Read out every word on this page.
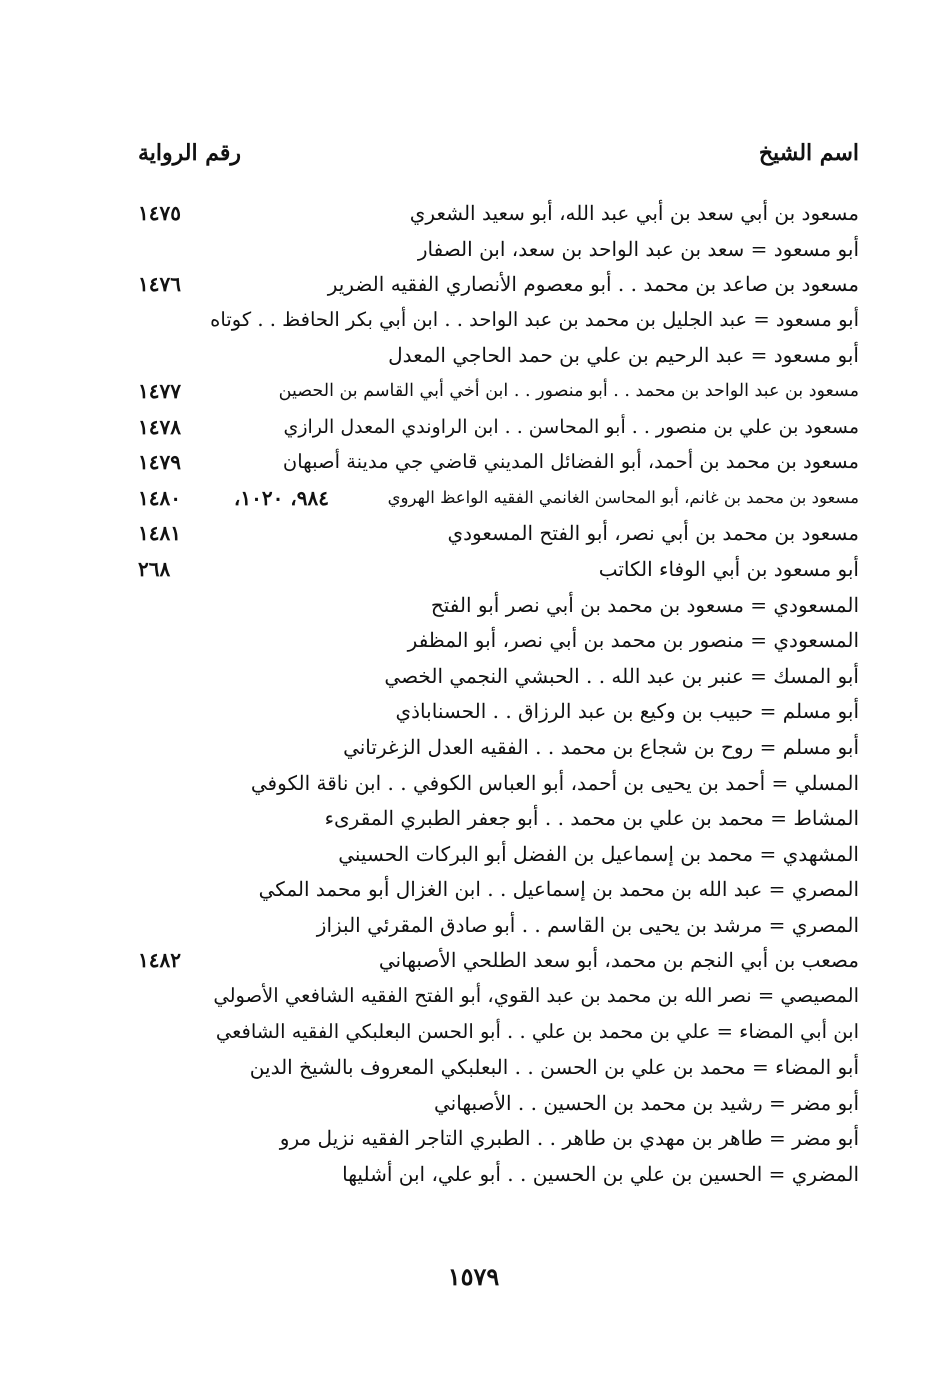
اسم الشيخ
رقم الرواية
مسعود بن أبي سعد بن أبي عبد الله، أبو سعيد الشعري
١٤٧٥
أبو مسعود = سعد بن عبد الواحد بن سعد، ابن الصفار
مسعود بن صاعد بن محمد . . أبو معصوم الأنصاري الفقيه الضرير
١٤٧٦
أبو مسعود = عبد الجليل بن محمد بن عبد الواحد . . ابن أبي بكر الحافظ . . كوتاه
أبو مسعود = عبد الرحيم بن علي بن حمد الحاجي المعدل
مسعود بن عبد الواحد بن محمد . . أبو منصور . . ابن أخي أبي القاسم بن الحصين
١٤٧٧
مسعود بن علي بن منصور . . أبو المحاسن . . ابن الراوندي المعدل الرازي
١٤٧٨
مسعود بن محمد بن أحمد، أبو الفضائل المديني قاضي جي مدينة أصبهان
١٤٧٩
مسعود بن محمد بن غانم، أبو المحاسن الغانمي الفقيه الواعظ الهروي
١٤٨٠	٩٨٤، ١٠٢٠،
مسعود بن محمد بن أبي نصر، أبو الفتح المسعودي
١٤٨١
أبو مسعود بن أبي الوفاء الكاتب
٢٦٨
المسعودي = مسعود بن محمد بن أبي نصر أبو الفتح
المسعودي = منصور بن محمد بن أبي نصر، أبو المظفر
أبو المسك = عنبر بن عبد الله . . الحبشي النجمي الخصي
أبو مسلم = حبيب بن وكيع بن عبد الرزاق . . الحسناباذي
أبو مسلم = روح بن شجاع بن محمد . . الفقيه العدل الزغرتاني
المسلي = أحمد بن يحيى بن أحمد، أبو العباس الكوفي . . ابن ناقة الكوفي
المشاط = محمد بن علي بن محمد . . أبو جعفر الطبري المقرىء
المشهدي = محمد بن إسماعيل بن الفضل أبو البركات الحسيني
المصري = عبد الله بن محمد بن إسماعيل . . ابن الغزال أبو محمد المكي
المصري = مرشد بن يحيى بن القاسم . . أبو صادق المقرئي البزاز
مصعب بن أبي النجم بن محمد، أبو سعد الطلحي الأصبهاني
١٤٨٢
المصيصي = نصر الله بن محمد بن عبد القوي، أبو الفتح الفقيه الشافعي الأصولي
ابن أبي المضاء = علي بن محمد بن علي . . أبو الحسن البعلبكي الفقيه الشافعي
أبو المضاء = محمد بن علي بن الحسن . . البعلبكي المعروف بالشيخ الدين
أبو مضر = رشيد بن محمد بن الحسين . . الأصبهاني
أبو مضر = طاهر بن مهدي بن طاهر . . الطبري التاجر الفقيه نزيل مرو
المضري = الحسين بن علي بن الحسين . . أبو علي، ابن أشليها
١٥٧٩
